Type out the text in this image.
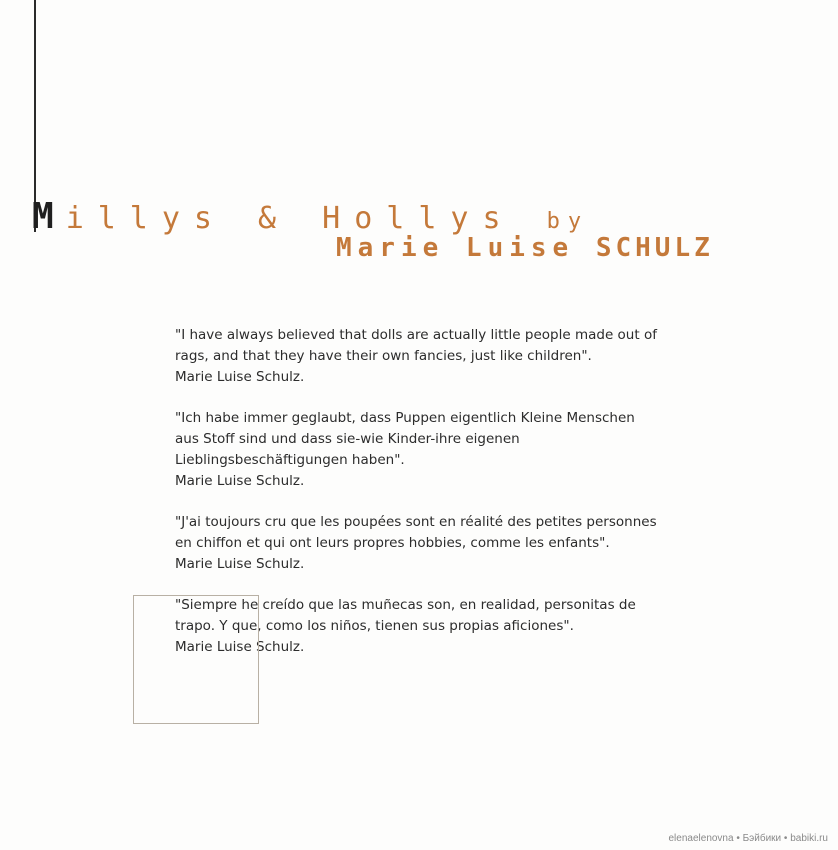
Millys & Hollys by
Marie Luise SCHULZ

"I have always believed that dolls are actually little people made out of
rags, and that they have their own fancies, just like children".
Marie Luise Schulz.

"Ich habe immer geglaubt, dass Puppen eigentlich Kleine Menschen
aus Stoff sind und dass sie-wie Kinder-ihre eigenen
Lieblingsbeschäftigungen haben".
Marie Luise Schulz.

"J'ai toujours cru que les poupées sont en réalité des petites personnes
en chiffon et qui ont leurs propres hobbies, comme les enfants".
Marie Luise Schulz.

"Siempre he creído que las muñecas son, en realidad, personitas de
trapo. Y que, como los niños, tienen sus propias aficiones".
Marie Luise Schulz.

elenaelenovna • Бэйбики • babiki.ru
